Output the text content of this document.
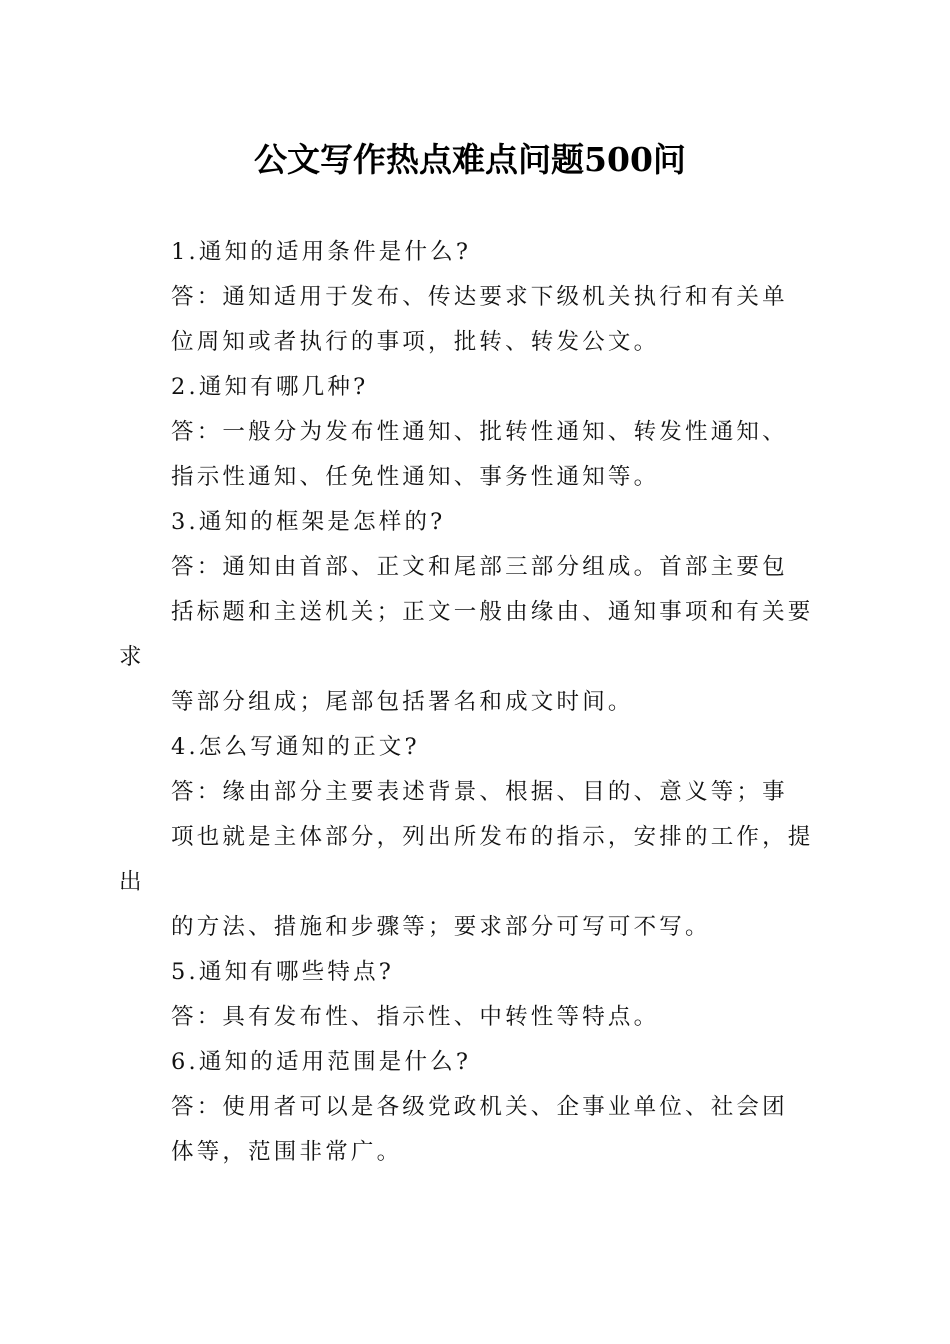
公文写作热点难点问题500问
1.通知的适用条件是什么?
答：通知适用于发布、传达要求下级机关执行和有关单
位周知或者执行的事项，批转、转发公文。
2.通知有哪几种?
答：一般分为发布性通知、批转性通知、转发性通知、
指示性通知、任免性通知、事务性通知等。
3.通知的框架是怎样的?
答：通知由首部、正文和尾部三部分组成。首部主要包
括标题和主送机关；正文一般由缘由、通知事项和有关要
求
等部分组成；尾部包括署名和成文时间。
4.怎么写通知的正文?
答：缘由部分主要表述背景、根据、目的、意义等；事
项也就是主体部分，列出所发布的指示，安排的工作，提
出
的方法、措施和步骤等；要求部分可写可不写。
5.通知有哪些特点?
答：具有发布性、指示性、中转性等特点。
6.通知的适用范围是什么?
答：使用者可以是各级党政机关、企事业单位、社会团
体等，范围非常广。
